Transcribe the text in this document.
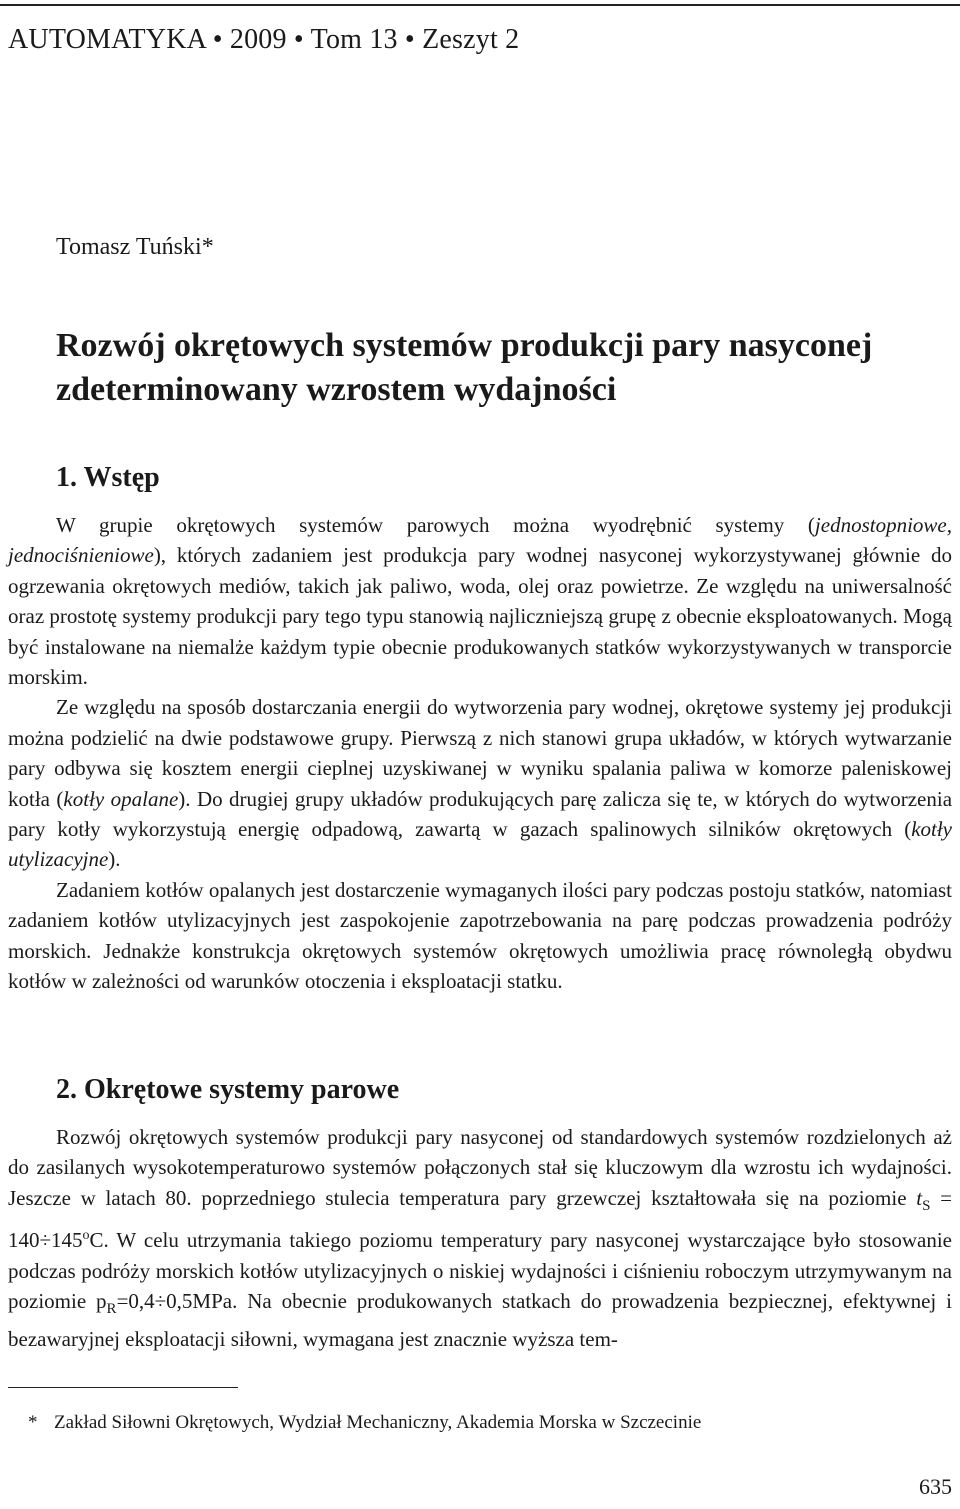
AUTOMATYKA • 2009 • Tom 13 • Zeszyt 2
Tomasz Tuński*
Rozwój okrętowych systemów produkcji pary nasyconej
zdeterminowany wzrostem wydajności
1. Wstęp

W grupie okrętowych systemów parowych można wyodrębnić systemy (jednostopniowe, jednociśnieniowe), których zadaniem jest produkcja pary wodnej nasyconej wykorzystywanej głównie do ogrzewania okrętowych mediów, takich jak paliwo, woda, olej oraz powietrze. Ze względu na uniwersalność oraz prostotę systemy produkcji pary tego typu stanowią najliczniejszą grupę z obecnie eksploatowanych. Mogą być instalowane na niemalże każdym typie obecnie produkowanych statków wykorzystywanych w transporcie morskim.

Ze względu na sposób dostarczania energii do wytworzenia pary wodnej, okrętowe systemy jej produkcji można podzielić na dwie podstawowe grupy. Pierwszą z nich stanowi grupa układów, w których wytwarzanie pary odbywa się kosztem energii cieplnej uzyskiwanej w wyniku spalania paliwa w komorze paleniskowej kotła (kotły opalane). Do drugiej grupy układów produkujących parę zalicza się te, w których do wytworzenia pary kotły wykorzystują energię odpadową, zawartą w gazach spalinowych silników okrętowych (kotły utylizacyjne).

Zadaniem kotłów opalanych jest dostarczenie wymaganych ilości pary podczas postoju statków, natomiast zadaniem kotłów utylizacyjnych jest zaspokojenie zapotrzebowania na parę podczas prowadzenia podróży morskich. Jednakże konstrukcja okrętowych systemów okrętowych umożliwia pracę równoległą obydwu kotłów w zależności od warunków otoczenia i eksploatacji statku.

2. Okrętowe systemy parowe

Rozwój okrętowych systemów produkcji pary nasyconej od standardowych systemów rozdzielonych aż do zasilanych wysokotemperaturowo systemów połączonych stał się kluczowym dla wzrostu ich wydajności. Jeszcze w latach 80. poprzedniego stulecia temperatura pary grzewczej kształtowała się na poziomie $t_S = 140\div 145^oC$. W celu utrzymania takiego poziomu temperatury pary nasyconej wystarczające było stosowanie podczas podróży morskich kotłów utylizacyjnych o niskiej wydajności i ciśnieniu roboczym utrzymywanym na poziomie $p_R=0,4\div 0,5MPa$. Na obecnie produkowanych statkach do prowadzenia bezpiecznej, efektywnej i bezawaryjnej eksploatacji siłowni, wymagana jest znacznie wyższa tem-

* Zakład Siłowni Okrętowych, Wydział Mechaniczny, Akademia Morska w Szczecinie
635
